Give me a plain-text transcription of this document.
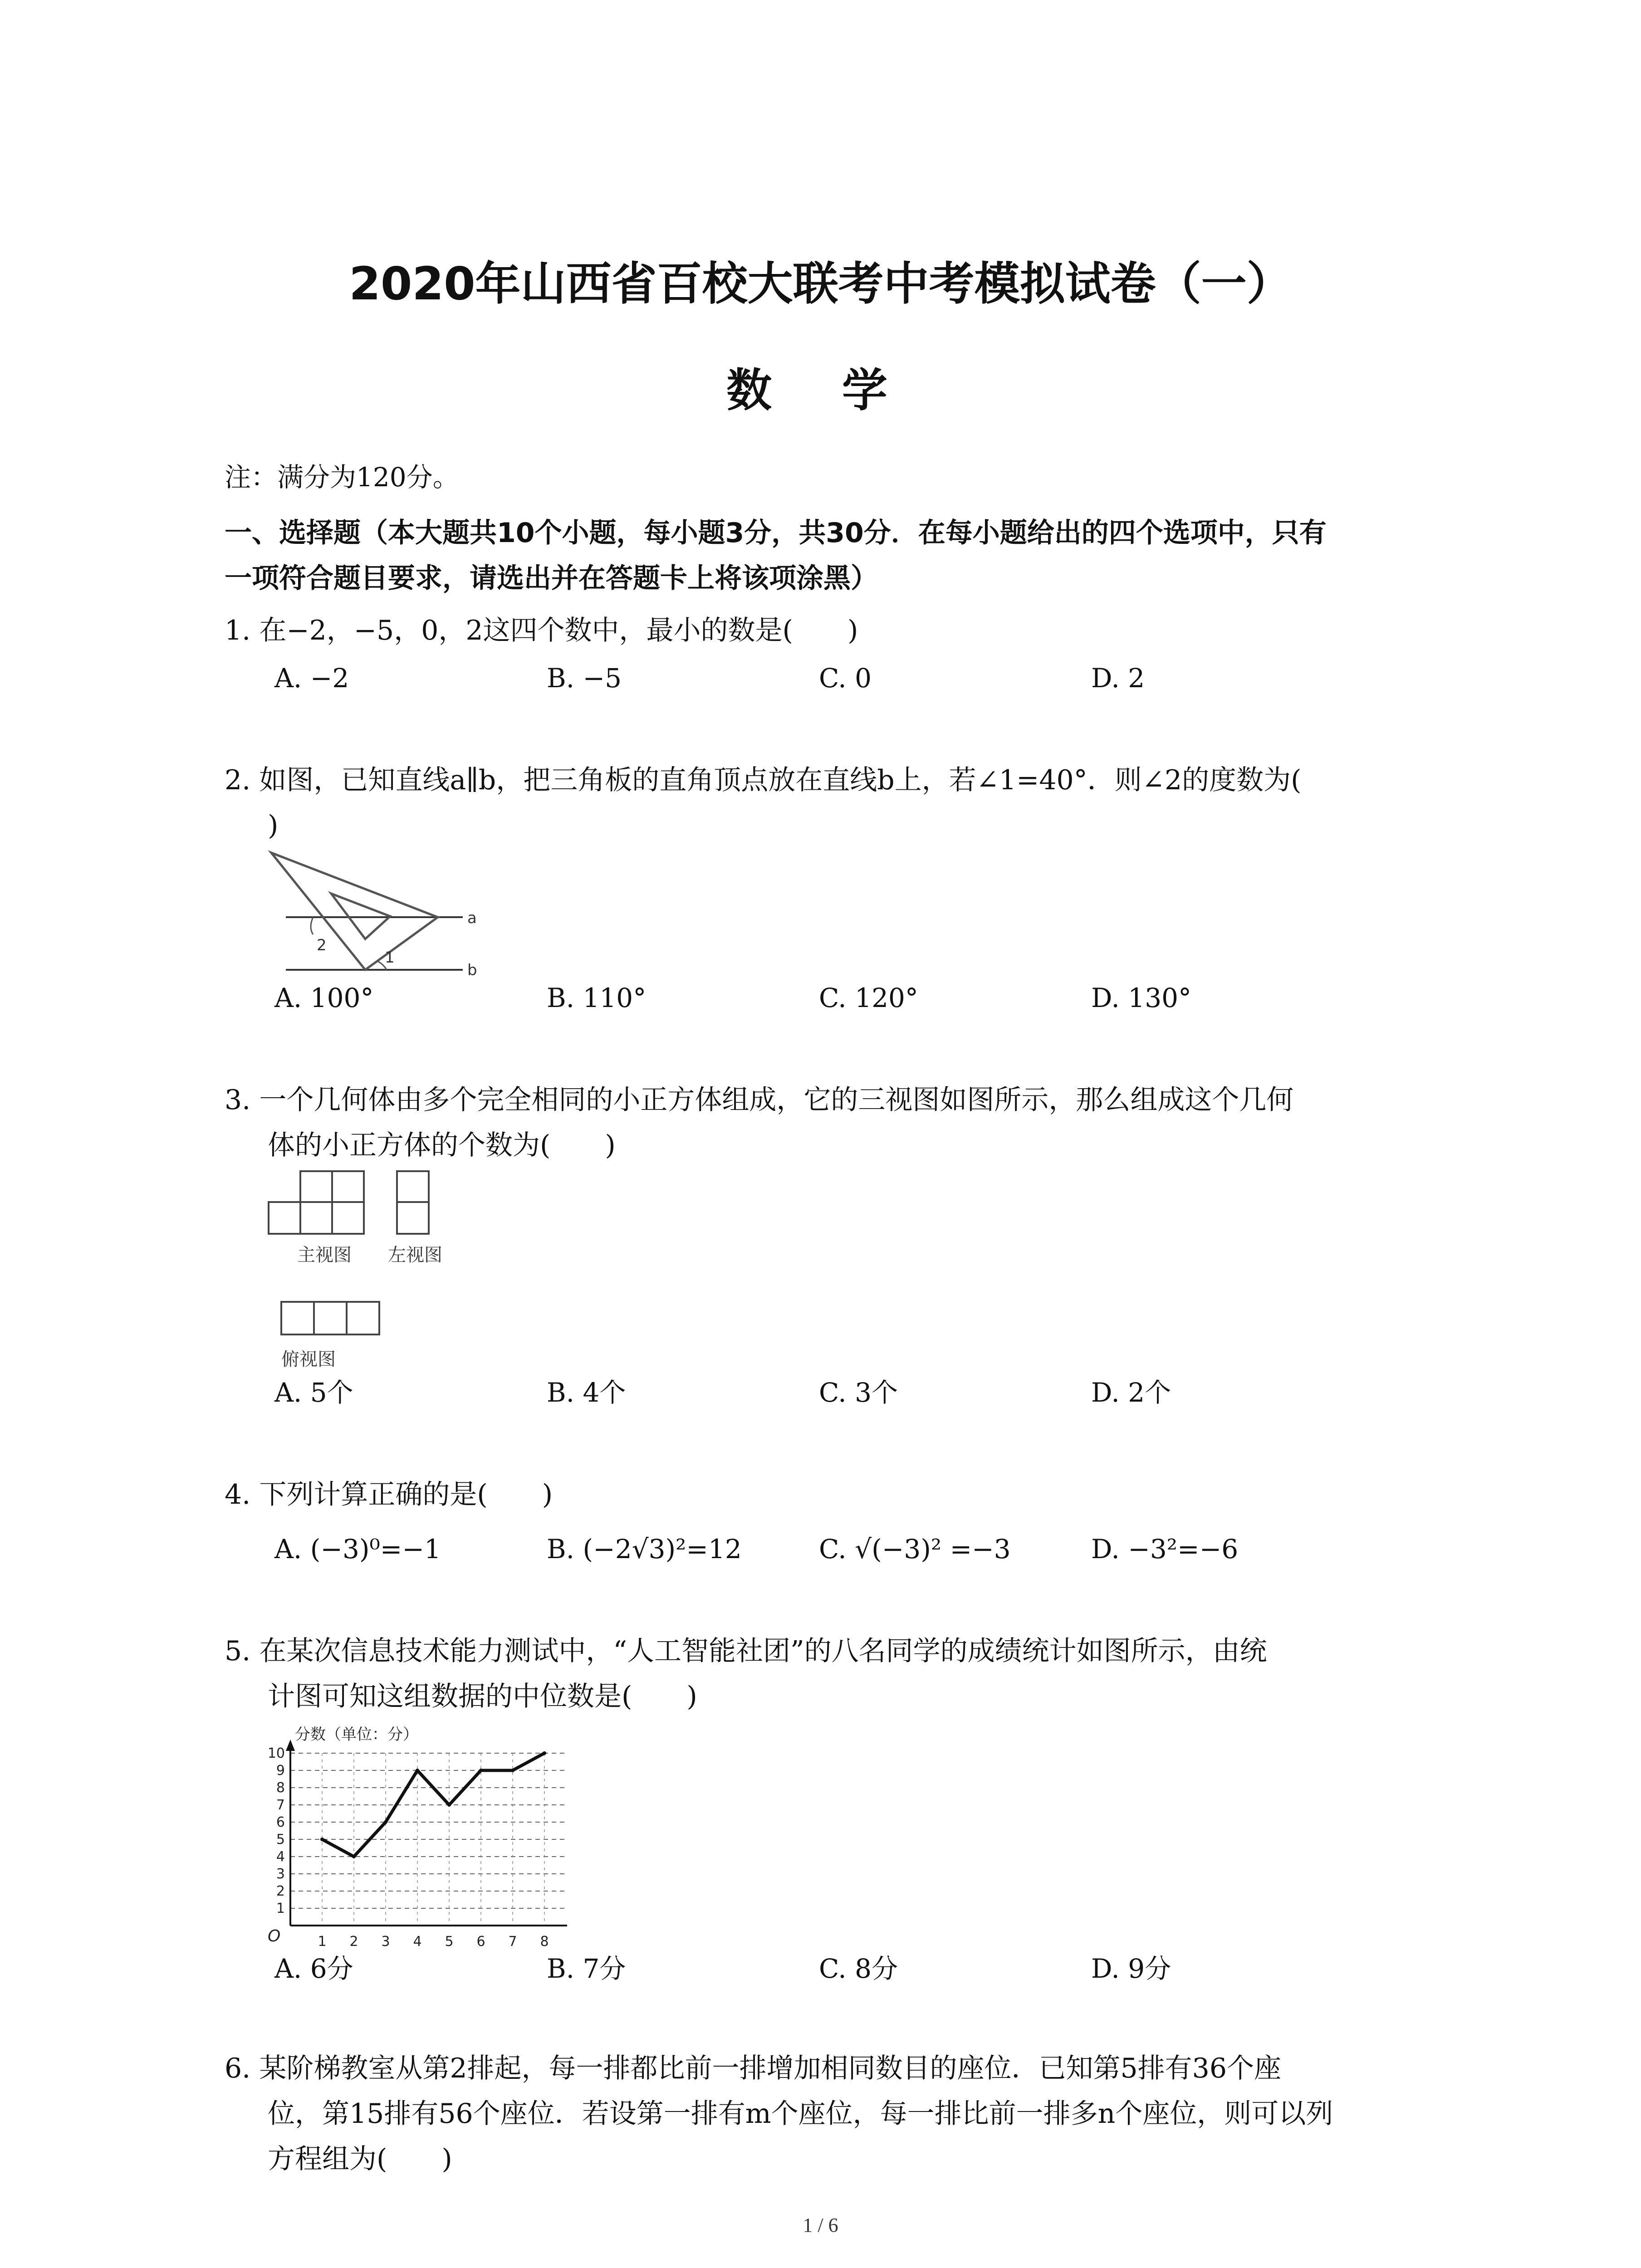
2020年山西省百校大联考中考模拟试卷（一）
数 学
注：满分为120分。
一、选择题（本大题共10个小题，每小题3分，共30分．在每小题给出的四个选项中，只有
一项符合题目要求，请选出并在答题卡上将该项涂黑）
1. 在−2，−5，0，2这四个数中，最小的数是(　　)
A. −2	B. −5	C. 0	D. 2
2. 如图，已知直线a∥b，把三角板的直角顶点放在直线b上，若∠1=40°．则∠2的度数为(
)
a
b
1
2
A. 100°	B. 110°	C. 120°	D. 130°
3. 一个几何体由多个完全相同的小正方体组成，它的三视图如图所示，那么组成这个几何
体的小正方体的个数为(　　)
主视图 左视图
俯视图
A. 5个	B. 4个	C. 3个	D. 2个
4. 下列计算正确的是(　　)
A. (−3)⁰=−1	B. (−2√3)²=12	C. √(−3)² =−3	D. −3²=−6
5. 在某次信息技术能力测试中，“人工智能社团”的八名同学的成绩统计如图所示，由统
计图可知这组数据的中位数是(　　)
分数（单位：分）
O
1
2
3
4
5
6
7
8
9
10
1 2 3 4 5 6 7 8
A. 6分	B. 7分	C. 8分	D. 9分
6. 某阶梯教室从第2排起，每一排都比前一排增加相同数目的座位．已知第5排有36个座
位，第15排有56个座位．若设第一排有m个座位，每一排比前一排多n个座位，则可以列
方程组为(　　)
1 / 6
